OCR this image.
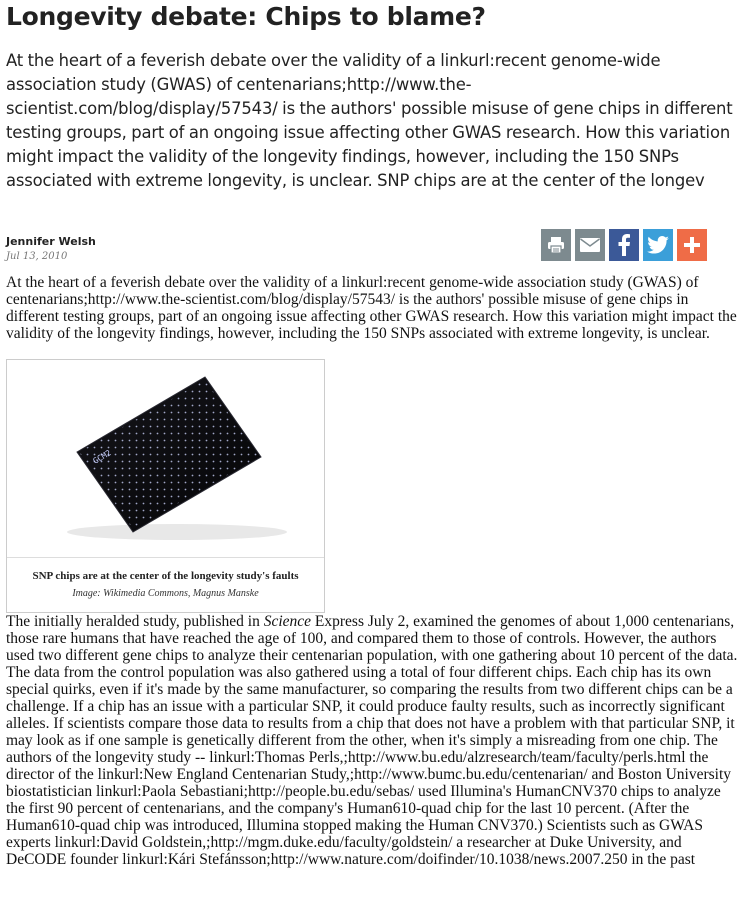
Longevity debate: Chips to blame?

At the heart of a feverish debate over the validity of a linkurl:recent genome-wide association study (GWAS) of centenarians;http://www.the-scientist.com/blog/display/57543/ is the authors' possible misuse of gene chips in different testing groups, part of an ongoing issue affecting other GWAS research. How this variation might impact the validity of the longevity findings, however, including the 150 SNPs associated with extreme longevity, is unclear. SNP chips are at the center of the longev

Jennifer Welsh
Jul 13, 2010

At the heart of a feverish debate over the validity of a linkurl:recent genome-wide association study (GWAS) of centenarians;http://www.the-scientist.com/blog/display/57543/ is the authors' possible misuse of gene chips in different testing groups, part of an ongoing issue affecting other GWAS research. How this variation might impact the validity of the longevity findings, however, including the 150 SNPs associated with extreme longevity, is unclear.

GCM2
SNP chips are at the center of the longevity study's faults
Image: Wikimedia Commons, Magnus Manske

The initially heralded study, published in Science Express July 2, examined the genomes of about 1,000 centenarians, those rare humans that have reached the age of 100, and compared them to those of controls. However, the authors used two different gene chips to analyze their centenarian population, with one gathering about 10 percent of the data. The data from the control population was also gathered using a total of four different chips. Each chip has its own special quirks, even if it's made by the same manufacturer, so comparing the results from two different chips can be a challenge. If a chip has an issue with a particular SNP, it could produce faulty results, such as incorrectly significant alleles. If scientists compare those data to results from a chip that does not have a problem with that particular SNP, it may look as if one sample is genetically different from the other, when it's simply a misreading from one chip. The authors of the longevity study -- linkurl:Thomas Perls,;http://www.bu.edu/alzresearch/team/faculty/perls.html the director of the linkurl:New England Centenarian Study,;http://www.bumc.bu.edu/centenarian/ and Boston University biostatistician linkurl:Paola Sebastiani;http://people.bu.edu/sebas/ used Illumina's HumanCNV370 chips to analyze the first 90 percent of centenarians, and the company's Human610-quad chip for the last 10 percent. (After the Human610-quad chip was introduced, Illumina stopped making the Human CNV370.) Scientists such as GWAS experts linkurl:David Goldstein,;http://mgm.duke.edu/faculty/goldstein/ a researcher at Duke University, and DeCODE founder linkurl:Kári Stefánsson;http://www.nature.com/doifinder/10.1038/news.2007.250 in the past
